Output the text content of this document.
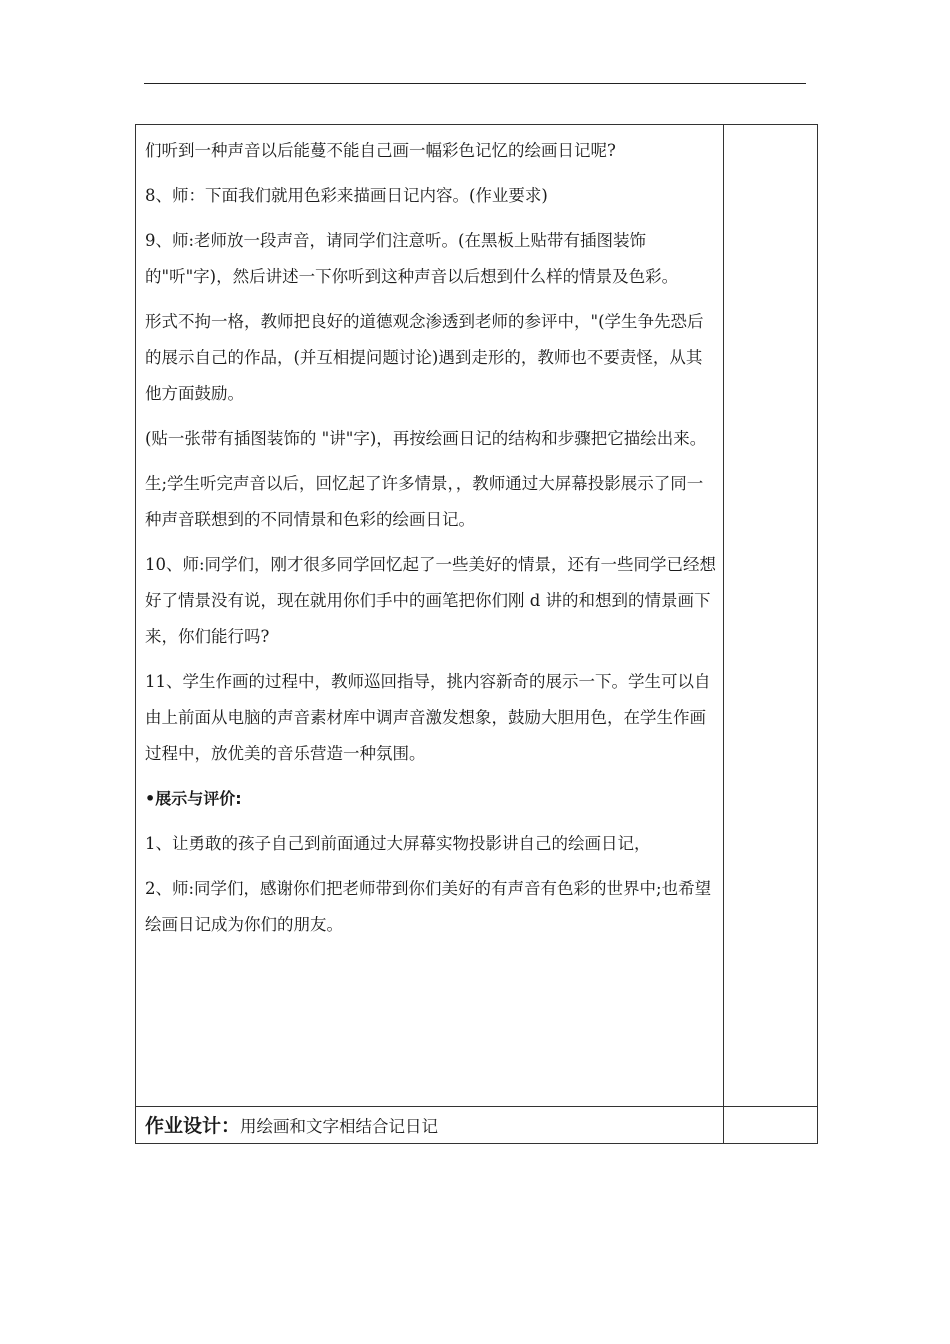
们听到一种声音以后能蔓不能自己画一幅彩色记忆的绘画日记呢?

8、师：下面我们就用色彩来描画日记内容。(作业要求)

9、师:老师放一段声音，请同学们注意听。(在黑板上贴带有插图装饰的"听"字)，然后讲述一下你听到这种声音以后想到什么样的情景及色彩。

形式不拘一格，教师把良好的道德观念渗透到老师的参评中，"(学生争先恐后的展示自己的作品，(并互相提问题讨论)遇到走形的，教师也不要责怪，从其他方面鼓励。

(贴一张带有插图装饰的 "讲"字)，再按绘画日记的结构和步骤把它描绘出来。

生;学生听完声音以后，回忆起了许多情景，，教师通过大屏幕投影展示了同一种声音联想到的不同情景和色彩的绘画日记。

10、师:同学们，刚才很多同学回忆起了一些美好的情景，还有一些同学已经想好了情景没有说，现在就用你们手中的画笔把你们刚 d 讲的和想到的情景画下来，你们能行吗?

11、学生作画的过程中，教师巡回指导，挑内容新奇的展示一下。学生可以自由上前面从电脑的声音素材库中调声音激发想象，鼓励大胆用色，在学生作画过程中，放优美的音乐营造一种氛围。

•展示与评价:

1、让勇敢的孩子自己到前面通过大屏幕实物投影讲自己的绘画日记，

2、师:同学们，感谢你们把老师带到你们美好的有声音有色彩的世界中;也希望绘画日记成为你们的朋友。

作业设计：用绘画和文字相结合记日记
